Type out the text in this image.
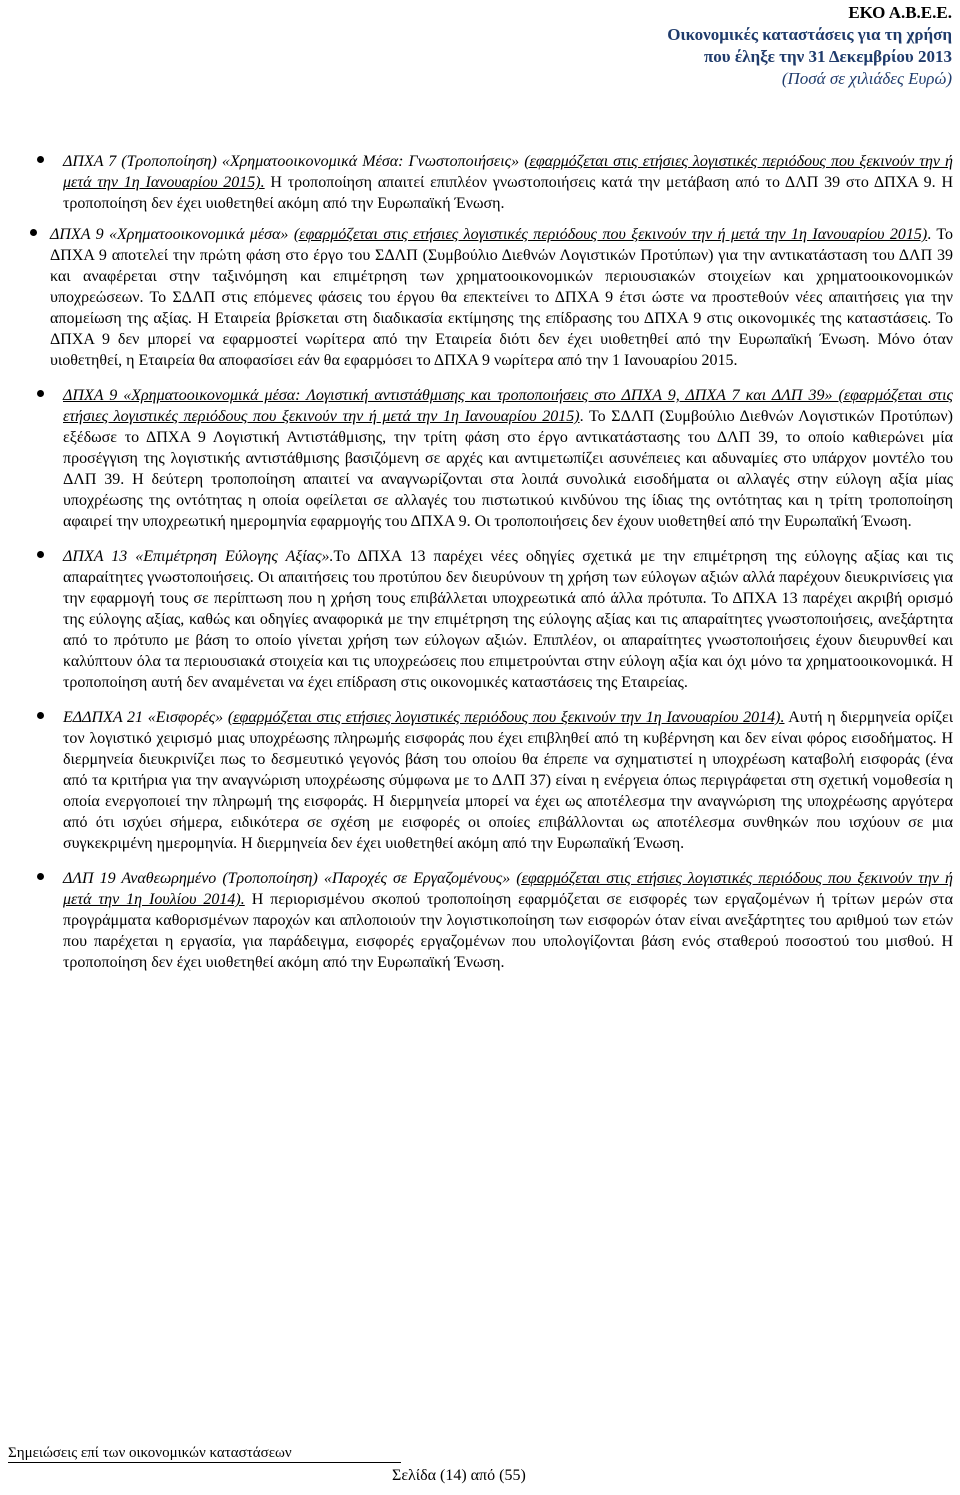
ΕΚΟ Α.Β.Ε.Ε.
Οικονομικές καταστάσεις για τη χρήση
που έληξε την 31 Δεκεμβρίου 2013
(Ποσά σε χιλιάδες Ευρώ)

ΔΠΧΑ 7 (Τροποποίηση) «Χρηματοοικονομικά Μέσα: Γνωστοποιήσεις» (εφαρμόζεται στις ετήσιες λογιστικές περιόδους που ξεκινούν την ή μετά την 1η Ιανουαρίου 2015). Η τροποποίηση απαιτεί επιπλέον γνωστοποιήσεις κατά την μετάβαση από το ΔΛΠ 39 στο ΔΠΧΑ 9. Η τροποποίηση δεν έχει υιοθετηθεί ακόμη από την Ευρωπαϊκή Ένωση.

ΔΠΧΑ 9 «Χρηματοοικονομικά μέσα» (εφαρμόζεται στις ετήσιες λογιστικές περιόδους που ξεκινούν την ή μετά την 1η Ιανουαρίου 2015). Το ΔΠΧΑ 9 αποτελεί την πρώτη φάση στο έργο του ΣΔΛΠ (Συμβούλιο Διεθνών Λογιστικών Προτύπων) για την αντικατάσταση του ΔΛΠ 39 και αναφέρεται στην ταξινόμηση και επιμέτρηση των χρηματοοικονομικών περιουσιακών στοιχείων και χρηματοοικονομικών υποχρεώσεων. Το ΣΔΛΠ στις επόμενες φάσεις του έργου θα επεκτείνει το ΔΠΧΑ 9 έτσι ώστε να προστεθούν νέες απαιτήσεις για την απομείωση της αξίας. Η Εταιρεία βρίσκεται στη διαδικασία εκτίμησης της επίδρασης του ΔΠΧΑ 9 στις οικονομικές της καταστάσεις. Το ΔΠΧΑ 9 δεν μπορεί να εφαρμοστεί νωρίτερα από την Εταιρεία διότι δεν έχει υιοθετηθεί από την Ευρωπαϊκή Ένωση. Μόνο όταν υιοθετηθεί, η Εταιρεία θα αποφασίσει εάν θα εφαρμόσει το ΔΠΧΑ 9 νωρίτερα από την 1 Ιανουαρίου 2015.

ΔΠΧΑ 9 «Χρηματοοικονομικά μέσα: Λογιστική αντιστάθμισης και τροποποιήσεις στο ΔΠΧΑ 9, ΔΠΧΑ 7 και ΔΛΠ 39» (εφαρμόζεται στις ετήσιες λογιστικές περιόδους που ξεκινούν την ή μετά την 1η Ιανουαρίου 2015). Το ΣΔΛΠ (Συμβούλιο Διεθνών Λογιστικών Προτύπων) εξέδωσε το ΔΠΧΑ 9 Λογιστική Αντιστάθμισης, την τρίτη φάση στο έργο αντικατάστασης του ΔΛΠ 39, το οποίο καθιερώνει μία προσέγγιση της λογιστικής αντιστάθμισης βασιζόμενη σε αρχές και αντιμετωπίζει ασυνέπειες και αδυναμίες στο υπάρχον μοντέλο του ΔΛΠ 39. Η δεύτερη τροποποίηση απαιτεί να αναγνωρίζονται στα λοιπά συνολικά εισοδήματα οι αλλαγές στην εύλογη αξία μίας υποχρέωσης της οντότητας η οποία οφείλεται σε αλλαγές του πιστωτικού κινδύνου της ίδιας της οντότητας και η τρίτη τροποποίηση αφαιρεί την υποχρεωτική ημερομηνία εφαρμογής του ΔΠΧΑ 9. Οι τροποποιήσεις δεν έχουν υιοθετηθεί από την Ευρωπαϊκή Ένωση.

ΔΠΧΑ 13 «Επιμέτρηση Εύλογης Αξίας».Το ΔΠΧΑ 13 παρέχει νέες οδηγίες σχετικά με την επιμέτρηση της εύλογης αξίας και τις απαραίτητες γνωστοποιήσεις. Οι απαιτήσεις του προτύπου δεν διευρύνουν τη χρήση των εύλογων αξιών αλλά παρέχουν διευκρινίσεις για την εφαρμογή τους σε περίπτωση που η χρήση τους επιβάλλεται υποχρεωτικά από άλλα πρότυπα. Το ΔΠΧΑ 13 παρέχει ακριβή ορισμό της εύλογης αξίας, καθώς και οδηγίες αναφορικά με την επιμέτρηση της εύλογης αξίας και τις απαραίτητες γνωστοποιήσεις, ανεξάρτητα από το πρότυπο με βάση το οποίο γίνεται χρήση των εύλογων αξιών. Επιπλέον, οι απαραίτητες γνωστοποιήσεις έχουν διευρυνθεί και καλύπτουν όλα τα περιουσιακά στοιχεία και τις υποχρεώσεις που επιμετρούνται στην εύλογη αξία και όχι μόνο τα χρηματοοικονομικά. Η τροποποίηση αυτή δεν αναμένεται να έχει επίδραση στις οικονομικές καταστάσεις της Εταιρείας.

ΕΔΔΠΧΑ 21 «Εισφορές» (εφαρμόζεται στις ετήσιες λογιστικές περιόδους που ξεκινούν την 1η Ιανουαρίου 2014). Αυτή η διερμηνεία ορίζει τον λογιστικό χειρισμό μιας υποχρέωσης πληρωμής εισφοράς που έχει επιβληθεί από τη κυβέρνηση και δεν είναι φόρος εισοδήματος. Η διερμηνεία διευκρινίζει πως το δεσμευτικό γεγονός βάση του οποίου θα έπρεπε να σχηματιστεί η υποχρέωση καταβολή εισφοράς (ένα από τα κριτήρια για την αναγνώριση υποχρέωσης σύμφωνα με το ΔΛΠ 37) είναι η ενέργεια όπως περιγράφεται στη σχετική νομοθεσία η οποία ενεργοποιεί την πληρωμή της εισφοράς. Η διερμηνεία μπορεί να έχει ως αποτέλεσμα την αναγνώριση της υποχρέωσης αργότερα από ότι ισχύει σήμερα, ειδικότερα σε σχέση με εισφορές οι οποίες επιβάλλονται ως αποτέλεσμα συνθηκών που ισχύουν σε μια συγκεκριμένη ημερομηνία. Η διερμηνεία δεν έχει υιοθετηθεί ακόμη από την Ευρωπαϊκή Ένωση.

ΔΛΠ 19 Αναθεωρημένο (Τροποποίηση) «Παροχές σε Εργαζομένους» (εφαρμόζεται στις ετήσιες λογιστικές περιόδους που ξεκινούν την ή μετά την 1η Ιουλίου 2014). Η περιορισμένου σκοπού τροποποίηση εφαρμόζεται σε εισφορές των εργαζομένων ή τρίτων μερών στα προγράμματα καθορισμένων παροχών και απλοποιούν την λογιστικοποίηση των εισφορών όταν είναι ανεξάρτητες του αριθμού των ετών που παρέχεται η εργασία, για παράδειγμα, εισφορές εργαζομένων που υπολογίζονται βάση ενός σταθερού ποσοστού του μισθού. Η τροποποίηση δεν έχει υιοθετηθεί ακόμη από την Ευρωπαϊκή Ένωση.

Σημειώσεις επί των οικονομικών καταστάσεων
Σελίδα (14) από (55)
